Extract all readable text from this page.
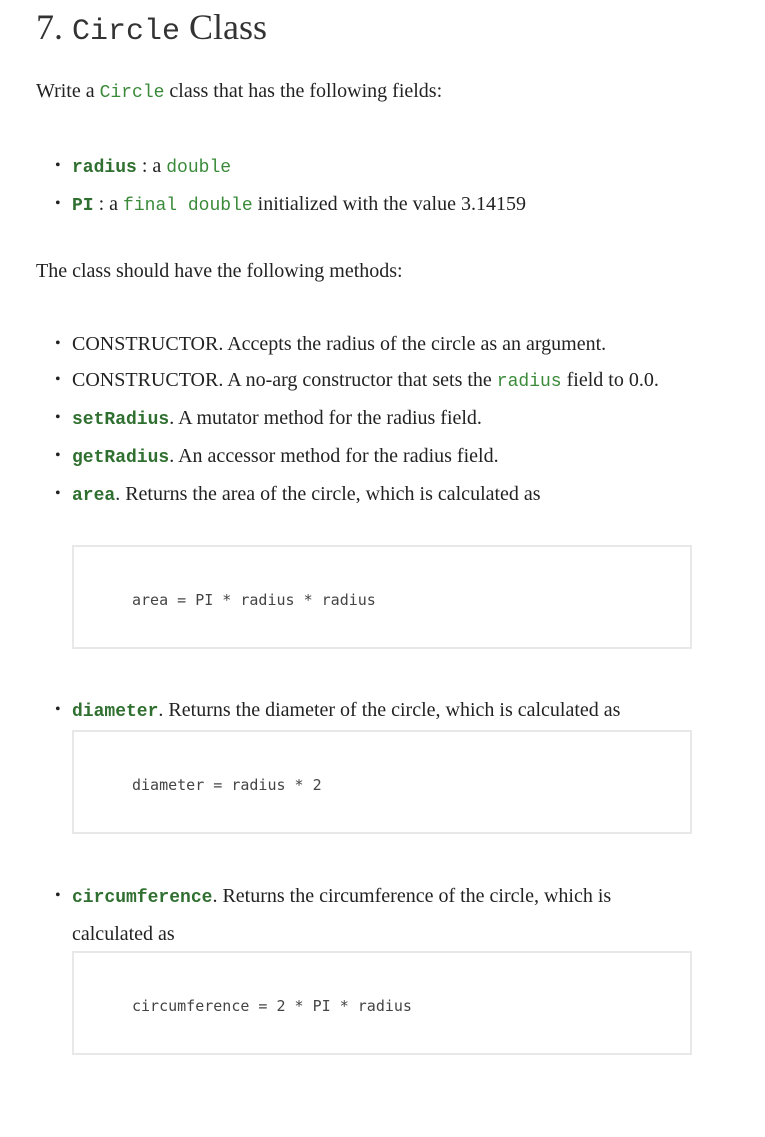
7. Circle Class

Write a Circle class that has the following fields:

• radius : a double
• PI : a final double initialized with the value 3.14159

The class should have the following methods:

• CONSTRUCTOR. Accepts the radius of the circle as an argument.
• CONSTRUCTOR. A no-arg constructor that sets the radius field to 0.0.
• setRadius. A mutator method for the radius field.
• getRadius. An accessor method for the radius field.
• area. Returns the area of the circle, which is calculated as
area = PI * radius * radius
• diameter. Returns the diameter of the circle, which is calculated as
diameter = radius * 2
• circumference. Returns the circumference of the circle, which is calculated as
circumference = 2 * PI * radius
